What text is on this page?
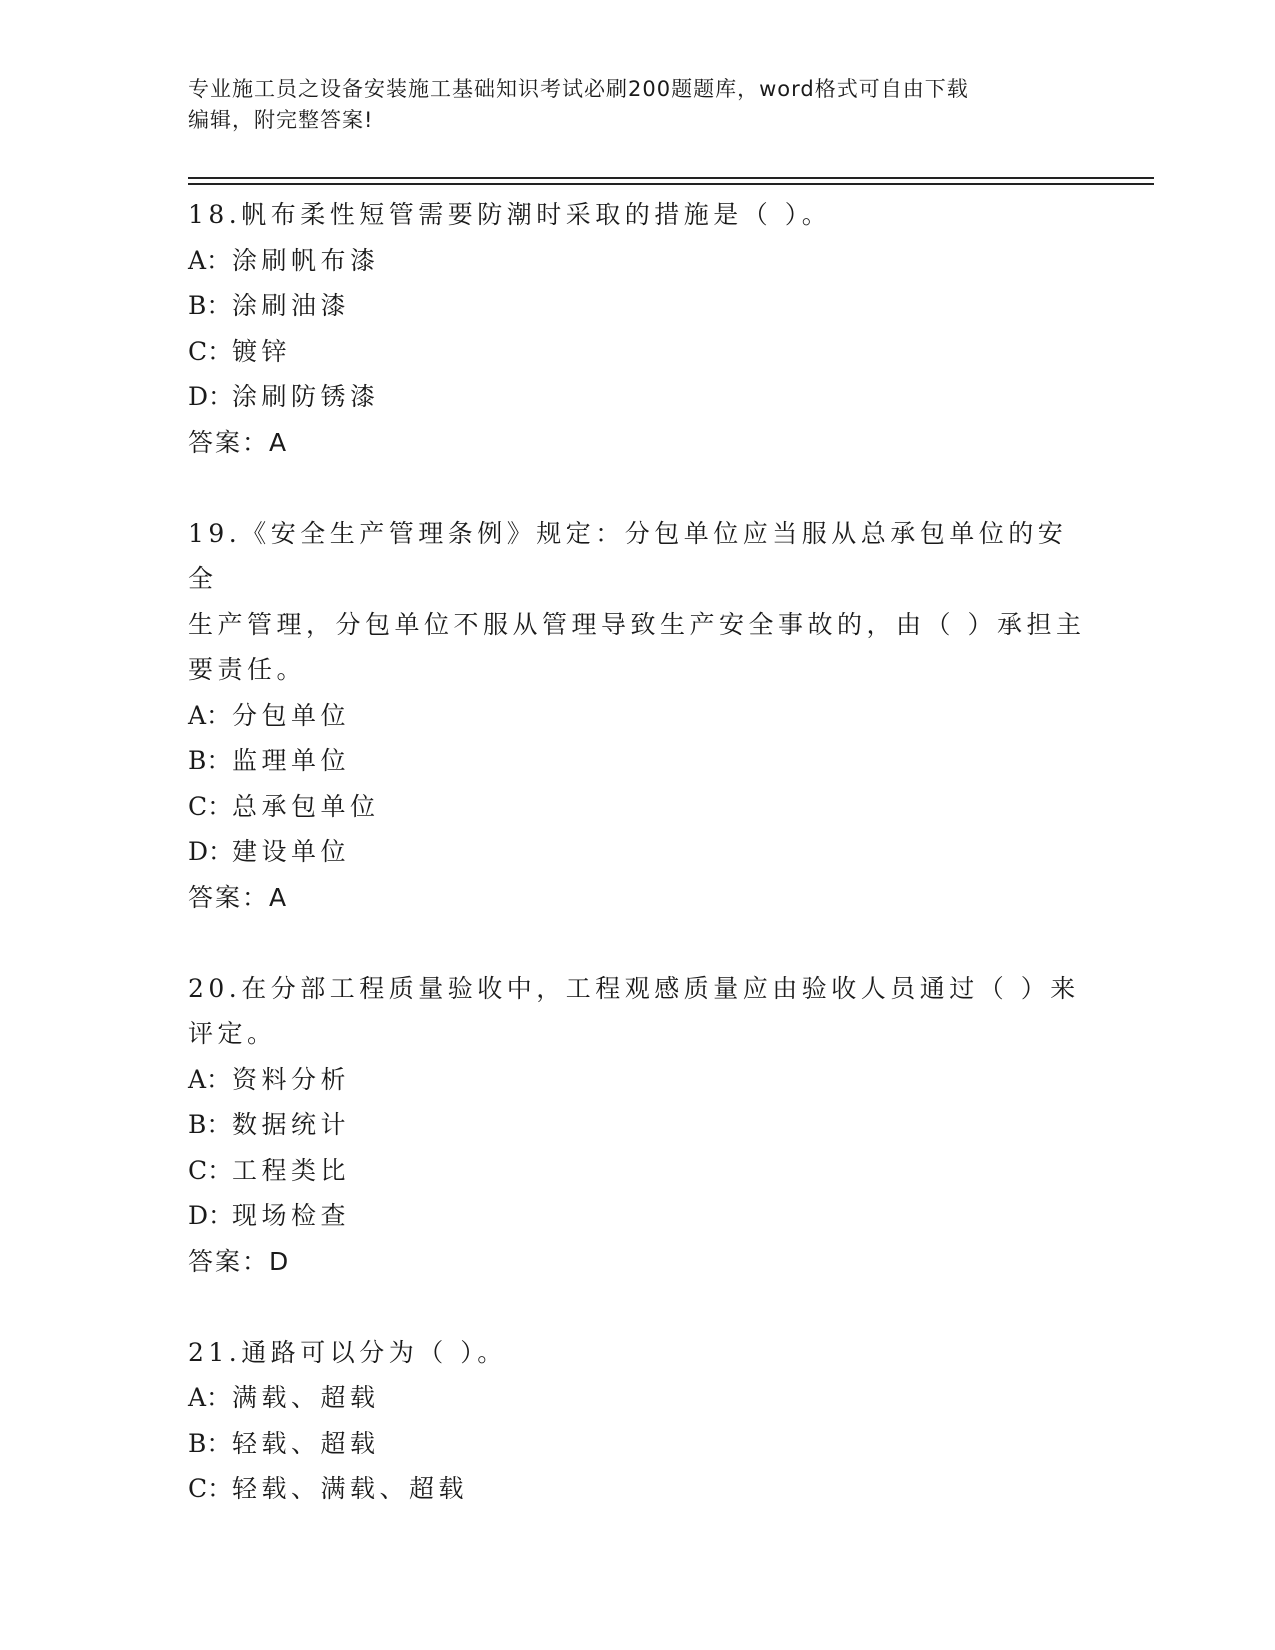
专业施工员之设备安装施工基础知识考试必刷200题题库，word格式可自由下载
编辑，附完整答案!
18.帆布柔性短管需要防潮时采取的措施是（ ）。
A：涂刷帆布漆
B：涂刷油漆
C：镀锌
D：涂刷防锈漆
答案：A
19.《安全生产管理条例》规定：分包单位应当服从总承包单位的安全
生产管理，分包单位不服从管理导致生产安全事故的，由（ ）承担主
要责任。
A：分包单位
B：监理单位
C：总承包单位
D：建设单位
答案：A
20.在分部工程质量验收中，工程观感质量应由验收人员通过（ ）来
评定。
A：资料分析
B：数据统计
C：工程类比
D：现场检查
答案：D
21.通路可以分为（ ）。
A：满载、超载
B：轻载、超载
C：轻载、满载、超载
